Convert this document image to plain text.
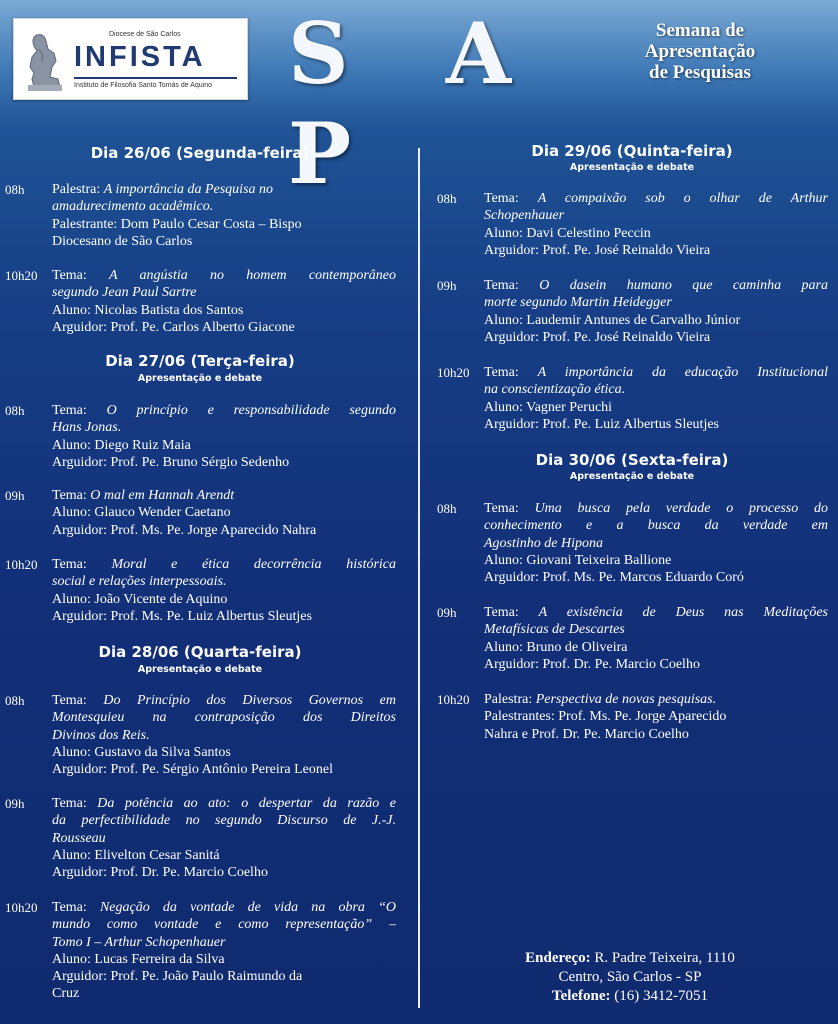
Diocese de São Carlos
INFISTA
Instituto de Filosofia Santo Tomás de Aquino S A P
Semana de
Apresentação
de Pesquisas
Dia 26/06 (Segunda-feira)
08h Palestra: A importância da Pesquisa no
amadurecimento acadêmico.
Palestrante: Dom Paulo Cesar Costa – Bispo
Diocesano de São Carlos
10h20 Tema: A angústia no homem contemporâneo
segundo Jean Paul Sartre
Aluno: Nicolas Batista dos Santos
Arguidor: Prof. Pe. Carlos Alberto Giacone
Dia 27/06 (Terça-feira)
Apresentação e debate
08h Tema: O princípio e responsabilidade segundo
Hans Jonas.
Aluno: Diego Ruiz Maia
Arguidor: Prof. Pe. Bruno Sérgio Sedenho
09h Tema: O mal em Hannah Arendt
Aluno: Glauco Wender Caetano
Arguidor: Prof. Ms. Pe. Jorge Aparecido Nahra
10h20 Tema: Moral e ética decorrência histórica
social e relações interpessoais.
Aluno: João Vicente de Aquino
Arguidor: Prof. Ms. Pe. Luiz Albertus Sleutjes
Dia 28/06 (Quarta-feira)
Apresentação e debate
08h Tema: Do Princípio dos Diversos Governos em
Montesquieu na contraposição dos Direitos
Divinos dos Reis.
Aluno: Gustavo da Silva Santos
Arguidor: Prof. Pe. Sérgio Antônio Pereira Leonel
09h Tema: Da potência ao ato: o despertar da razão e
da perfectibilidade no segundo Discurso de J.-J.
Rousseau
Aluno: Elivelton Cesar Sanitá
Arguidor: Prof. Dr. Pe. Marcio Coelho
10h20 Tema: Negação da vontade de vida na obra “O
mundo como vontade e como representação” –
Tomo I – Arthur Schopenhauer
Aluno: Lucas Ferreira da Silva
Arguidor: Prof. Pe. João Paulo Raimundo da
Cruz
Dia 29/06 (Quinta-feira)
Apresentação e debate
08h Tema: A compaixão sob o olhar de Arthur
Schopenhauer
Aluno: Davi Celestino Peccin
Arguidor: Prof. Pe. José Reinaldo Vieira
09h Tema: O dasein humano que caminha para
morte segundo Martin Heidegger
Aluno: Laudemir Antunes de Carvalho Júnior
Arguidor: Prof. Pe. José Reinaldo Vieira
10h20 Tema: A importância da educação Institucional
na conscientização ética.
Aluno: Vagner Peruchi
Arguidor: Prof. Pe. Luiz Albertus Sleutjes
Dia 30/06 (Sexta-feira)
Apresentação e debate
08h Tema: Uma busca pela verdade o processo do
conhecimento e a busca da verdade em
Agostinho de Hipona
Aluno: Giovani Teixeira Ballione
Arguidor: Prof. Ms. Pe. Marcos Eduardo Coró
09h Tema: A existência de Deus nas Meditações
Metafísicas de Descartes
Aluno: Bruno de Oliveira
Arguidor: Prof. Dr. Pe. Marcio Coelho
10h20 Palestra: Perspectiva de novas pesquisas.
Palestrantes: Prof. Ms. Pe. Jorge Aparecido
Nahra e Prof. Dr. Pe. Marcio Coelho
Endereço: R. Padre Teixeira, 1110
Centro, São Carlos - SP
Telefone: (16) 3412-7051
